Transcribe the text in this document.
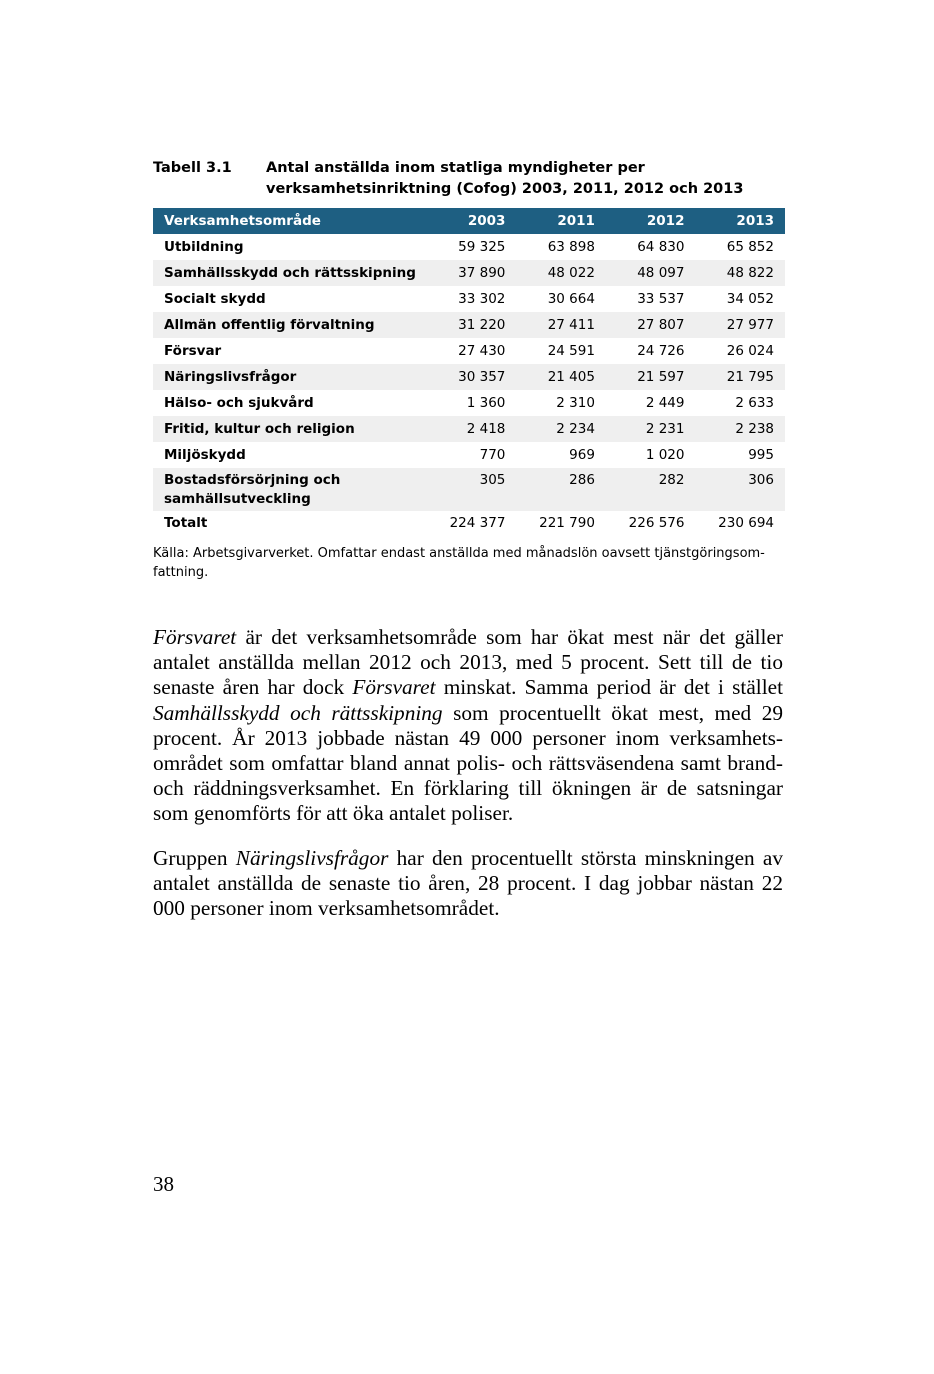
Tabell 3.1 Antal anställda inom statliga myndigheter per verksamhetsinriktning (Cofog) 2003, 2011, 2012 och 2013
Verksamhetsområde	2003	2011	2012	2013
Utbildning	59 325	63 898	64 830	65 852
Samhällsskydd och rättsskipning	37 890	48 022	48 097	48 822
Socialt skydd	33 302	30 664	33 537	34 052
Allmän offentlig förvaltning	31 220	27 411	27 807	27 977
Försvar	27 430	24 591	24 726	26 024
Näringslivsfrågor	30 357	21 405	21 597	21 795
Hälso- och sjukvård	1 360	2 310	2 449	2 633
Fritid, kultur och religion	2 418	2 234	2 231	2 238
Miljöskydd	770	969	1 020	995
Bostadsförsörjning och samhällsutveckling	305	286	282	306
Totalt	224 377	221 790	226 576	230 694
Källa: Arbetsgivarverket. Omfattar endast anställda med månadslön oavsett tjänstgöringsom-fattning.

Försvaret är det verksamhetsområde som har ökat mest när det gäller antalet anställda mellan 2012 och 2013, med 5 procent. Sett till de tio senaste åren har dock Försvaret minskat. Samma period är det i stället Samhällsskydd och rättsskipning som procentuellt ökat mest, med 29 procent. År 2013 jobbade nästan 49 000 personer inom verksamhets-området som omfattar bland annat polis- och rättsväsendena samt brand- och räddningsverksamhet. En förklaring till ökningen är de satsningar som genomförts för att öka antalet poliser.

Gruppen Näringslivsfrågor har den procentuellt största minskningen av antalet anställda de senaste tio åren, 28 procent. I dag jobbar nästan 22 000 personer inom verksamhetsområdet.

38
